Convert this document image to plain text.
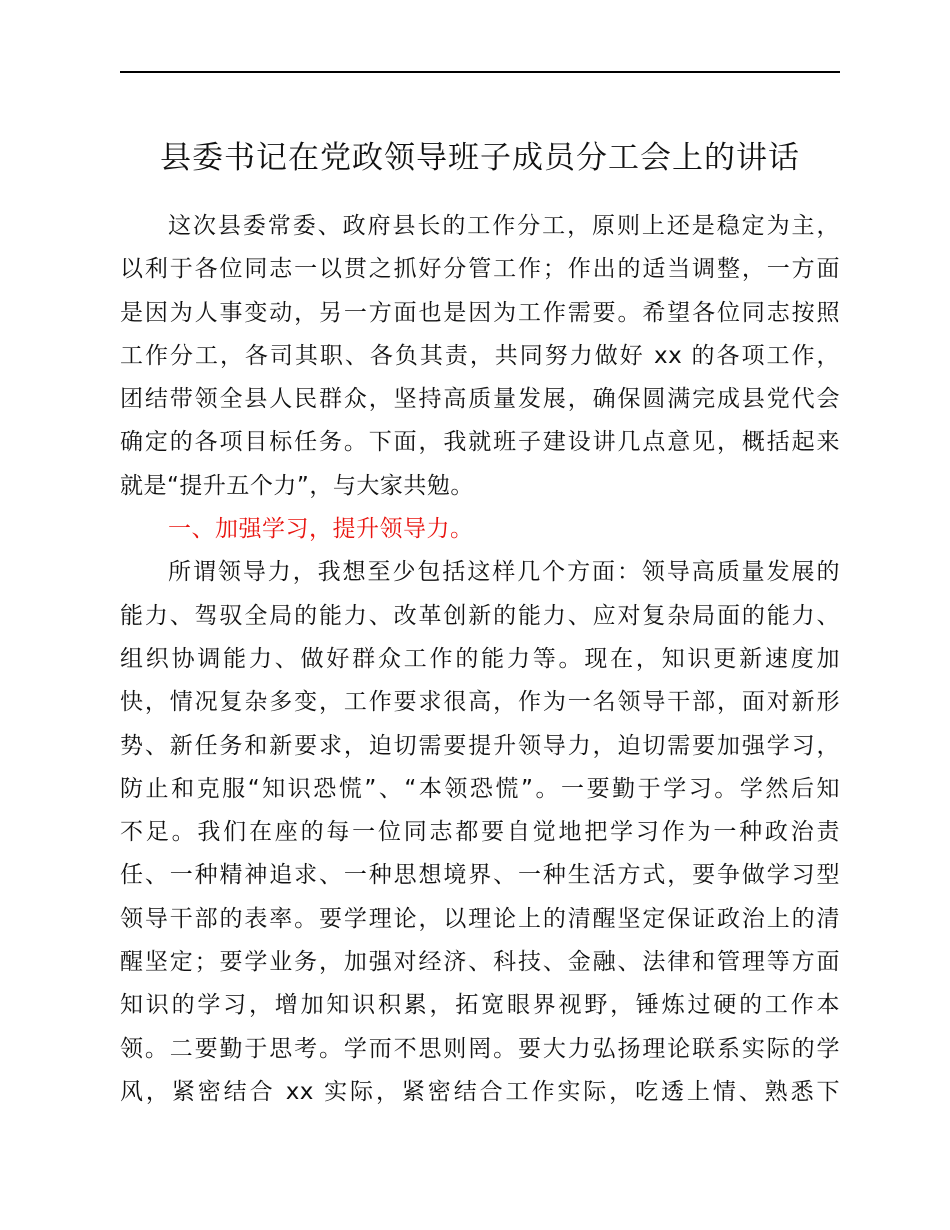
县委书记在党政领导班子成员分工会上的讲话
这次县委常委、政府县长的工作分工，原则上还是稳定为主，
以利于各位同志一以贯之抓好分管工作；作出的适当调整，一方面
是因为人事变动，另一方面也是因为工作需要。希望各位同志按照
工作分工，各司其职、各负其责，共同努力做好 xx 的各项工作，
团结带领全县人民群众，坚持高质量发展，确保圆满完成县党代会
确定的各项目标任务。下面，我就班子建设讲几点意见，概括起来
就是“提升五个力”，与大家共勉。
一、加强学习，提升领导力。
所谓领导力，我想至少包括这样几个方面：领导高质量发展的
能力、驾驭全局的能力、改革创新的能力、应对复杂局面的能力、
组织协调能力、做好群众工作的能力等。现在，知识更新速度加
快，情况复杂多变，工作要求很高，作为一名领导干部，面对新形
势、新任务和新要求，迫切需要提升领导力，迫切需要加强学习，
防止和克服“知识恐慌”、“本领恐慌”。一要勤于学习。学然后知
不足。我们在座的每一位同志都要自觉地把学习作为一种政治责
任、一种精神追求、一种思想境界、一种生活方式，要争做学习型
领导干部的表率。要学理论，以理论上的清醒坚定保证政治上的清
醒坚定；要学业务，加强对经济、科技、金融、法律和管理等方面
知识的学习，增加知识积累，拓宽眼界视野，锤炼过硬的工作本
领。二要勤于思考。学而不思则罔。要大力弘扬理论联系实际的学
风，紧密结合 xx 实际，紧密结合工作实际，吃透上情、熟悉下
